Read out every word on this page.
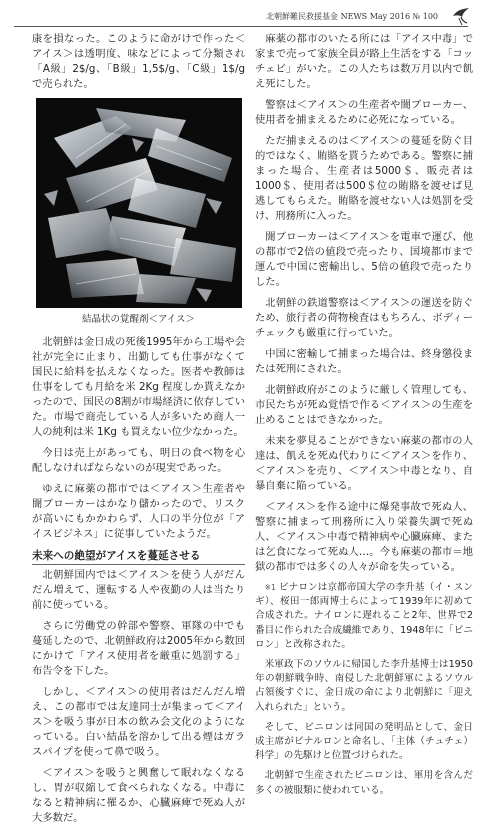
北朝鮮難民救援基金 NEWS May 2016 № 100

康を損なった。このように命がけで作った＜アイス＞は透明度、味などによって分類され「A級」2$/g、「B級」1,5$/g、「C級」1$/gで売られた。

結晶状の覚醒剤＜アイス＞

北朝鮮は金日成の死後1995年から工場や会社が完全に止まり、出勤しても仕事がなくて国民に給料を払えなくなった。医者や教師は仕事をしても月給を米 2Kg 程度しか貰えなかったので、国民の8割が市場経済に依存していた。市場で商売している人が多いため商人一人の純利は米 1Kg も買えない位少なかった。

今日は売上があっても、明日の食べ物を心配しなければならないのが現実であった。

ゆえに麻薬の都市では＜アイス＞生産者や闇ブローカーはかなり儲かったので、リスクが高いにもかかわらず、人口の半分位が「アイスビジネス」に従事していたようだ。

未来への絶望がアイスを蔓延させる

北朝鮮国内では＜アイス＞を使う人がだんだん増えて、運転する人や夜勤の人は当たり前に使っている。

さらに労働党の幹部や警察、軍隊の中でも蔓延したので、北朝鮮政府は2005年から数回にかけて「アイス使用者を厳重に処罰する」布告令を下した。

しかし、＜アイス＞の使用者はだんだん増え、この都市では友達同士が集まって＜アイス＞を吸う事が日本の飲み会文化のようになっている。白い結晶を溶かして出る煙はガラスパイプを使って鼻で吸う。

＜アイス＞を吸うと興奮して眠れなくなるし、胃が収縮して食べられなくなる。中毒になると精神病に罹るか、心臓麻痺で死ぬ人が大多数だ。

麻薬の都市のいたる所には「アイス中毒」で家まで売って家族全員が路上生活をする「コッチェビ」がいた。この人たちは数万月以内で飢え死にした。

警察は＜アイス＞の生産者や闇ブローカー、使用者を捕まえるために必死になっている。

ただ捕まえるのは＜アイス＞の蔓延を防ぐ目的ではなく、賄賂を貰うためである。警察に捕まった場合、生産者は5000＄、販売者は1000＄、使用者は500＄位の賄賂を渡せば見逃してもらえた。賄賂を渡せない人は処罰を受け、刑務所に入った。

闇ブローカーは＜アイス＞を電車で運び、他の都市で2倍の値段で売ったり、国境都市まで運んで中国に密輸出し、5倍の値段で売ったりした。

北朝鮮の鉄道警察は＜アイス＞の運送を防ぐため、旅行者の荷物検査はもちろん、ボディーチェックも厳重に行っていた。

中国に密輸して捕まった場合は、終身懲役または死刑にされた。

北朝鮮政府がこのように厳しく管理しても、市民たちが死ぬ覚悟で作る＜アイス＞の生産を止めることはできなかった。

未来を夢見ることができない麻薬の都市の人達は、飢えを死ぬ代わりに＜アイス＞を作り、＜アイス＞を売り、＜アイス＞中毒となり、自暴自棄に陥っている。

＜アイス＞を作る途中に爆発事故で死ぬ人、警察に捕まって刑務所に入り栄養失調で死ぬ人、＜アイス＞中毒で精神病や心臓麻痺、または乞食になって死ぬ人…。今も麻薬の都市＝地獄の都市では多くの人々が命を失っている。

※1 ビナロンは京都帝国大学の李升基（イ・スンギ）、桜田一郎両博士らによって1939年に初めて合成された。ナイロンに遅れること2年、世界で2番目に作られた合成繊維であり、1948年に「ビニロン」と改称された。

米軍政下のソウルに帰国した李升基博士は1950年の朝鮮戦争時、南侵した北朝鮮軍によるソウル占領後すぐに、金日成の命により北朝鮮に「迎え入れられた」という。

そして、ビニロンは同国の発明品として、金日成主席がビナルロンと命名し、「主体（チュチェ）科学」の先駆けと位置づけられた。

北朝鮮で生産されたビニロンは、軍用を含んだ多くの被服類に使われている。
